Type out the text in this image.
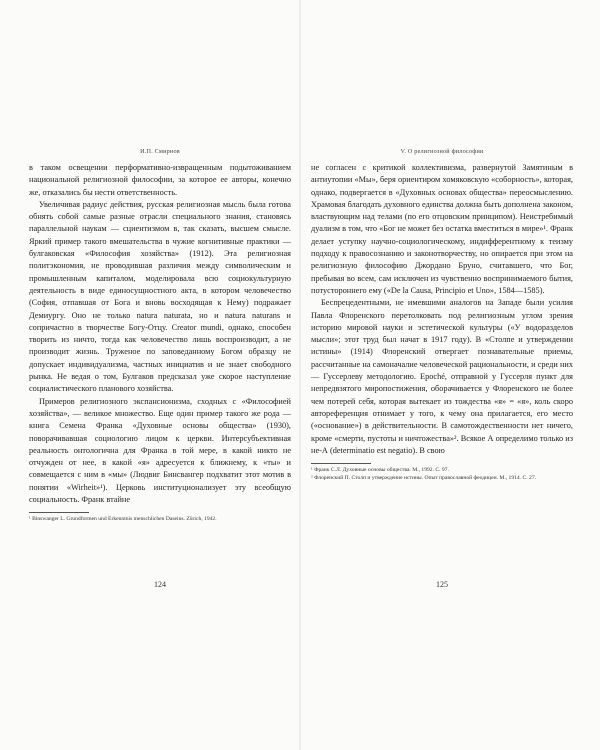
И.П. Смирнов

в таком освещении перформативно-извращенным подытоживанием национальной религиозной философии, за которое ее авторы, конечно же, отказались бы нести ответственность.

Увеличивая радиус действия, русская религиозная мысль была готова обнять собой самые разные отрасли специального знания, становясь параллельной наукам — сциентизмом в, так сказать, высшем смысле. Яркий пример такого вмешательства в чужие когнитивные практики — булгаковская «Философия хозяйства» (1912). Эта религиозная политэкономия, не проводившая различия между символическим и промышленным капиталом, моделировала всю социокультурную деятельность в виде единосущностного акта, в котором человечество (София, отпавшая от Бога и вновь восходящая к Нему) подражает Демиургу. Оно не только natura naturata, но и natura naturans и сопричастно в творчестве Богу-Отцу. Creator mundi, однако, способен творить из ничто, тогда как человечество лишь воспроизводит, а не производит жизнь. Труженое по заповеданному Богом образцу не допускает индивидуализма, частных инициатив и не знает свободного рынка. Не ведая о том, Булгаков предсказал уже скорое наступление социалистического планового хозяйства.

Примеров религиозного экспансионизма, сходных с «Философией хозяйства», — великое множество. Еще один пример такого же рода — книга Семена Франка «Духовные основы общества» (1930), поворачивавшая социологию лицом к церкви. Интерсубъективная реальность онтологична для Франка в той мере, в какой никто не отчужден от нее, в какой «я» адресуется к ближнему, к «ты» и совмещается с ним в «мы» (Людвиг Бинсвангер подхватит этот мотив в понятии «Wirheit»¹). Церковь институционализует эту всеобщую социальность. Франк втайне

¹ Binswanger L. Grundformen und Erkenntnis menschlichen Daseins. Zürich, 1942.

124
V. О религиозной философии

не согласен с критикой коллективизма, развернутой Замятиным в антиутопии «Мы», беря ориентиром хомяковскую «соборность», которая, однако, подвергается в «Духовных основах общества» переосмыслению. Храмовая благодать духовного единства должна быть дополнена законом, властвующим над телами (по его отцовским принципом). Неистребимый дуализм в том, что «Бог не может без остатка вместиться в мире»¹. Франк делает уступку научно-социологическому, индифферентному к теизму подходу к правосознанию и законотворчеству, но опирается при этом на религиозную философию Джордано Бруно, считавшего, что Бог, пребывая во всем, сам исключен из чувственно воспринимаемого бытия, потустороннего ему («De la Causa, Principio et Uno», 1584—1585).

Беспрецедентными, не имевшими аналогов на Западе были усилия Павла Флоренского перетолковать под религиозным углом зрения историю мировой науки и эстетической культуры («У водоразделов мысли»; этот труд был начат в 1917 году). В «Столпе и утверждении истины» (1914) Флоренский отвергает познавательные приемы, рассчитанные на самоначалие человеческой рациональности, и среди них — Гуссерлеву методологию. Epoché, отправной у Гуссерля пункт для непредвзятого миропостижения, оборачивается у Флоренского не более чем потерей себя, которая вытекает из тождества «я» = «я», коль скоро автореференция отнимает у того, к чему она прилагается, его место («основание») в действительности. В самотождественности нет ничего, кроме «смерти, пустоты и ничтожества»². Всякое А определимо только из не-А (determinatio est negatio). В свою

¹ Франк С.Л. Духовные основы общества. М., 1992. С. 97.

² Флоренский П. Столп и утверждение истины. Опыт православной феодицеи. М., 1914. С. 27.

125
